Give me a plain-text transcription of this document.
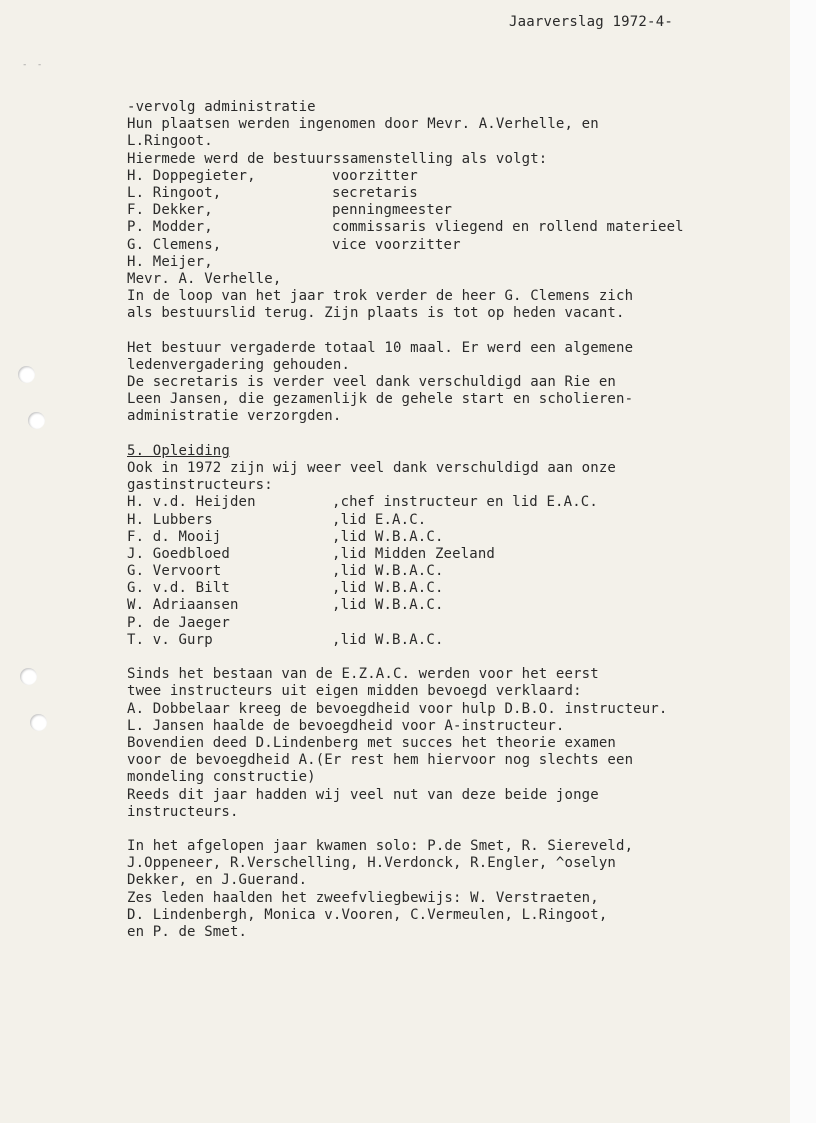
- -
Jaarverslag 1972-4-
-vervolg administratie
Hun plaatsen werden ingenomen door Mevr. A.Verhelle, en
L.Ringoot.
Hiermede werd de bestuurssamenstelling als volgt:
H. Doppegieter,	voorzitter
L. Ringoot,	secretaris
F. Dekker,	penningmeester
P. Modder,	commissaris vliegend en rollend materieel
G. Clemens,	vice voorzitter
H. Meijer,
Mevr. A. Verhelle,
In de loop van het jaar trok verder de heer G. Clemens zich
als bestuurslid terug. Zijn plaats is tot op heden vacant.
Het bestuur vergaderde totaal 10 maal. Er werd een algemene
ledenvergadering gehouden.
De secretaris is verder veel dank verschuldigd aan Rie en
Leen Jansen, die gezamenlijk de gehele start en scholieren-
administratie verzorgden.
5. Opleiding
Ook in 1972 zijn wij weer veel dank verschuldigd aan onze
gastinstructeurs:
H. v.d. Heijden	,chef instructeur en lid E.A.C.
H. Lubbers	,lid E.A.C.
F. d. Mooij	,lid W.B.A.C.
J. Goedbloed	,lid Midden Zeeland
G. Vervoort	,lid W.B.A.C.
G. v.d. Bilt	,lid W.B.A.C.
W. Adriaansen	,lid W.B.A.C.
P. de Jaeger
T. v. Gurp	,lid W.B.A.C.
Sinds het bestaan van de E.Z.A.C. werden voor het eerst
twee instructeurs uit eigen midden bevoegd verklaard:
A. Dobbelaar kreeg de bevoegdheid voor hulp D.B.O. instructeur.
L. Jansen haalde de bevoegdheid voor A-instructeur.
Bovendien deed D.Lindenberg met succes het theorie examen
voor de bevoegdheid A.(Er rest hem hiervoor nog slechts een
mondeling constructie)
Reeds dit jaar hadden wij veel nut van deze beide jonge
instructeurs.
In het afgelopen jaar kwamen solo: P.de Smet, R. Siereveld,
J.Oppeneer, R.Verschelling, H.Verdonck, R.Engler, ^oselyn
Dekker, en J.Guerand.
Zes leden haalden het zweefvliegbewijs: W. Verstraeten,
D. Lindenbergh, Monica v.Vooren, C.Vermeulen, L.Ringoot,
en P. de Smet.
